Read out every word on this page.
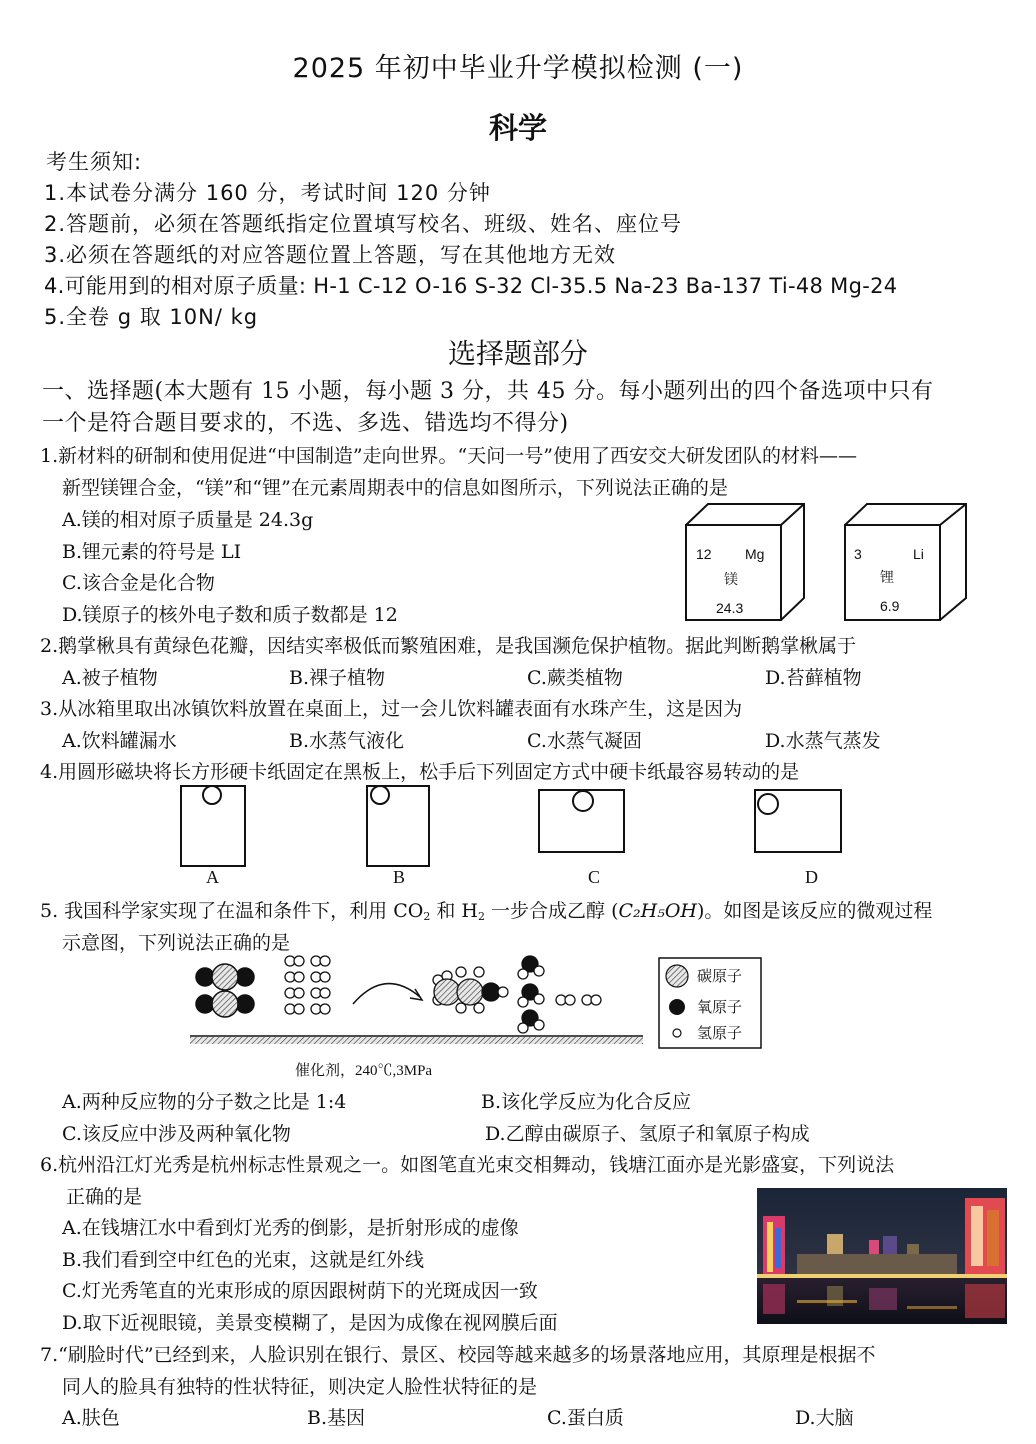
2025 年初中毕业升学模拟检测 (一)
科学
考生须知:
1.本试卷分满分 160 分，考试时间 120 分钟
2.答题前，必须在答题纸指定位置填写校名、班级、姓名、座位号
3.必须在答题纸的对应答题位置上答题，写在其他地方无效
4.可能用到的相对原子质量: H-1 C-12 O-16 S-32 Cl-35.5 Na-23 Ba-137 Ti-48 Mg-24
5.全卷 g 取 10N/ kg
选择题部分
一、选择题(本大题有 15 小题，每小题 3 分，共 45 分。每小题列出的四个备选项中只有
一个是符合题目要求的，不选、多选、错选均不得分)
1.新材料的研制和使用促进“中国制造”走向世界。“天问一号”使用了西安交大研发团队的材料——
新型镁锂合金，“镁”和“锂”在元素周期表中的信息如图所示，下列说法正确的是
A.镁的相对原子质量是 24.3g
B.锂元素的符号是 LI
C.该合金是化合物
D.镁原子的核外电子数和质子数都是 12
12 Mg
镁
24.3
3	Li
锂
6.9
2.鹅掌楸具有黄绿色花瓣，因结实率极低而繁殖困难，是我国濒危保护植物。据此判断鹅掌楸属于
A.被子植物	B.裸子植物	C.蕨类植物	D.苔藓植物
3.从冰箱里取出冰镇饮料放置在桌面上，过一会儿饮料罐表面有水珠产生，这是因为
A.饮料罐漏水	B.水蒸气液化	C.水蒸气凝固	D.水蒸气蒸发
4.用圆形磁块将长方形硬卡纸固定在黑板上，松手后下列固定方式中硬卡纸最容易转动的是
A	B	C	D
5. 我国科学家实现了在温和条件下，利用 $CO_2$ 和 $H_2$ 一步合成乙醇 (C₂H₅OH)。如图是该反应的微观过程
示意图，下列说法正确的是
催化剂，240℃,3MPa
碳原子
氧原子
氢原子
A.两种反应物的分子数之比是 1:4	B.该化学反应为化合反应
C.该反应中涉及两种氧化物	D.乙醇由碳原子、氢原子和氧原子构成
6.杭州沿江灯光秀是杭州标志性景观之一。如图笔直光束交相舞动，钱塘江面亦是光影盛宴，下列说法
正确的是
A.在钱塘江水中看到灯光秀的倒影，是折射形成的虚像
B.我们看到空中红色的光束，这就是红外线
C.灯光秀笔直的光束形成的原因跟树荫下的光斑成因一致
D.取下近视眼镜，美景变模糊了，是因为成像在视网膜后面
7.“刷脸时代”已经到来，人脸识别在银行、景区、校园等越来越多的场景落地应用，其原理是根据不
同人的脸具有独特的性状特征，则决定人脸性状特征的是
A.肤色	B.基因	C.蛋白质	D.大脑
